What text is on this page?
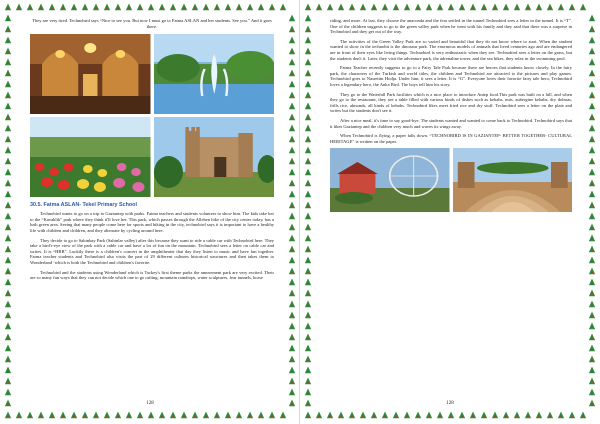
They are very tired. Technobird says “Nice to see you. But now I must go to Fatma ASLAN and her students. See you.” And it goes there.

30.5. Fatma ASLAN- Tekel Primary School

Technobird wants to go on a trip to Gaziantep with parks. Fatma teachers and students volunteer to show him. The kids take her to the “Kavaklik” park where they think it'll love her. This park, which passes through the Alleben hike of the city center today, has a lush green area. Seeing that many people come here for sports and hiking in the city, technobird says it is important to have a healthy life with children and children, and they alternate by cycling around here.

They decide to go to Sahinbay Park (Sahinlar valley) after this because they want to ride a cable car with Technobird here. They take a bird's-eye view of the park with a cable car and have a lot of fun on the mountain. Technobird sees a letter on cable car and writes. It is “HBB”. Luckily there is a children's concert in the amphitheater that day they listen to music and have fun together. Fatma teacher students and Technobird also visits the part of 29 different cultures historical structures and then takes them to Wonderland ‘which is both the Technobird and children's favorite.

Technobird and the students using Wonderland which is Turkey's first theme parks the amusement park are very excited. Their are so many fun ways that they can not decide which one to go rafting, mountain raindrops, water sculptures, fear tunnels, horse

128

riding, and more. At last, they choose the anaconda and the fear settled in the tunnel.Technobird sees a letter in the tunnel. It is “T”. One of the children suggests to go to the green valley park when he went with his family and they said that there was a surprise in Technobird and they get out of the way.

The activities of the Green Valley Park are so varied and beautiful that they do not know where to start. When the student wanted to show in the technobit is the dinosaur park. The enormous models of animals that lived centuries ago and are endangered are in front of their eyes like living things. Technobird is very enthusiastic when they see. Technobird sees a letter on the grass, but the students don't it. Later, they visit the adventure park, the adrenaline tower, and the sea bikes, they relax in the swimming pool.

Fatma Teacher recently suggests to go to a Fairy Tale Park because there are heroes that students know closely. In the fairy park, the characters of the Turkish and world titles, the children and Technobird are attracted to the pictures and play games. Technobird goes to Nasrettin Hodja. Under him, it sees a letter. It is “G”. Everyone loves their favorite fairy tale hero, Technobird loves a legendary hero, the Anka Bird. The boys tell him his story.

They go to the Waterfall Park facilities which is a nice place to introduce Antep food.This park was built on a hill, and when they go to the restaurant, they see a table filled with various kinds of dishes such as kebabs, nuts, aubergine kebabs, dry dolmas, frills rice, almonds, all kinds of kebabs. Technobird likes meet fried rice and dry stuff. Technobird sees a letter on the plate and writes but the students don't see it.

After a nice meal, it's time to say good-bye. The students wanted and wanted to come back to Technobird. Technobird says that it likes Gaziantep and the children very much and waves its wings away.

When Technobird is flying, a paper falls down. “TECHNOBIRD IS IN GAZIANTEP- BETTER TOGETHER- CULTURAL HERITAGE” is written on the paper.

128
